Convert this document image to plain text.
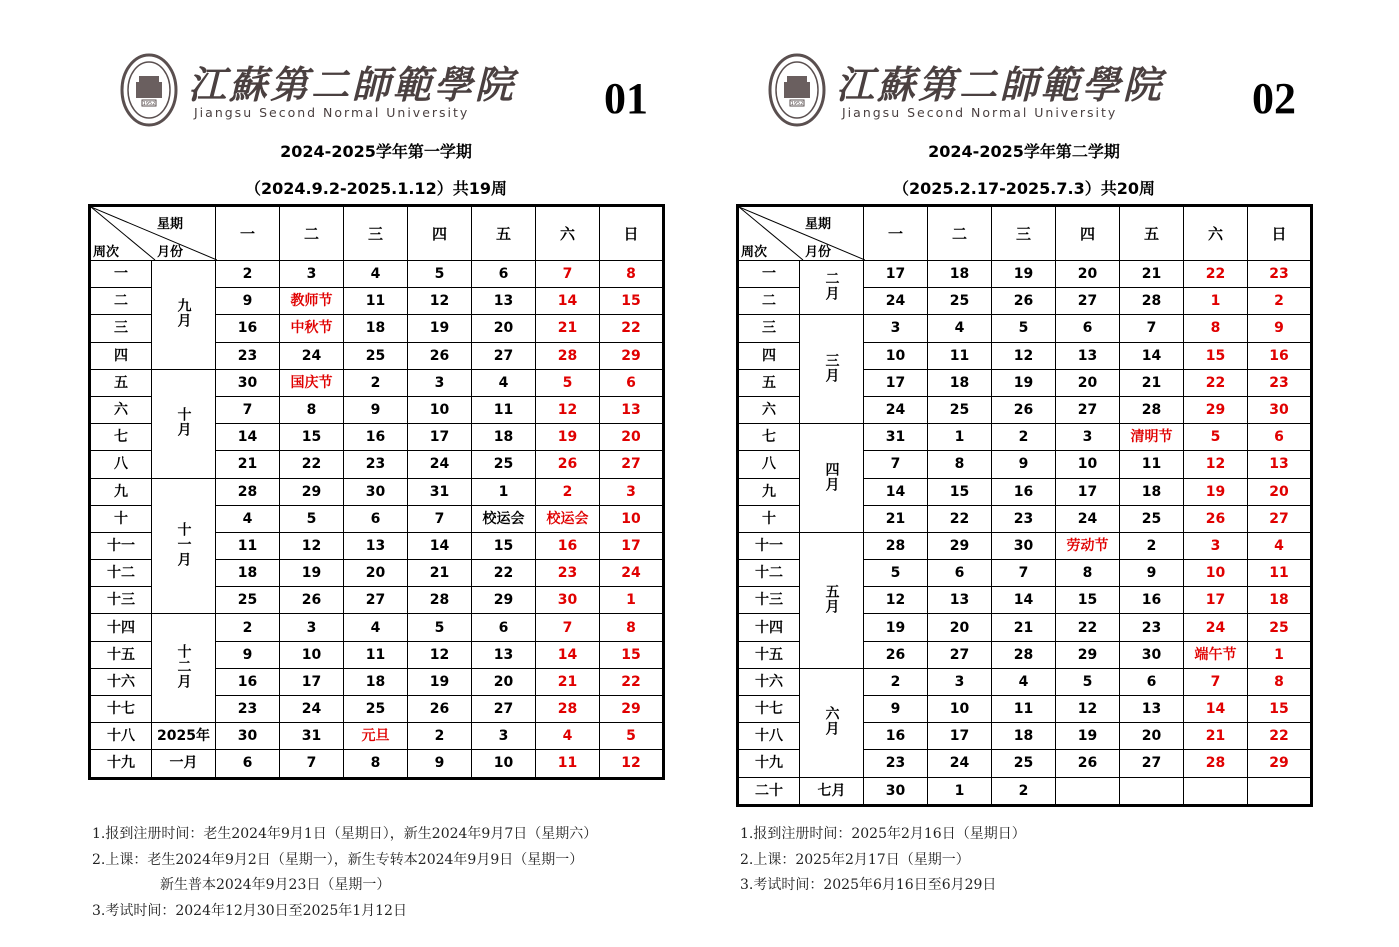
1952 江蘇第二師範學院
Jiangsu Second Normal University	01
2024-2025学年第一学期
（2024.9.2-2025.1.12）共19周
星期
周次 月份		一	二	三	四	五	六	日
一	九月	2	3	4	5	6	7	8
二		9	教师节	11	12	13	14	15
三		16	中秋节	18	19	20	21	22
四		23	24	25	26	27	28	29
五	十月	30	国庆节	2	3	4	5	6
六		7	8	9	10	11	12	13
七		14	15	16	17	18	19	20
八		21	22	23	24	25	26	27
九	十一月	28	29	30	31	1	2	3
十		4	5	6	7	校运会	校运会	10
十一		11	12	13	14	15	16	17
十二		18	19	20	21	22	23	24
十三		25	26	27	28	29	30	1
十四	十二月	2	3	4	5	6	7	8
十五		9	10	11	12	13	14	15
十六		16	17	18	19	20	21	22
十七		23	24	25	26	27	28	29
十八	2025年	30	31	元旦	2	3	4	5
十九	一月	6	7	8	9	10	11	12
1.报到注册时间：老生2024年9月1日（星期日），新生2024年9月7日（星期六）
2.上课：老生2024年9月2日（星期一），新生专转本2024年9月9日（星期一）
新生普本2024年9月23日（星期一）
3.考试时间：2024年12月30日至2025年1月12日
1952 江蘇第二師範學院
Jiangsu Second Normal University	02
2024-2025学年第二学期
（2025.2.17-2025.7.3）共20周
星期
周次 月份		一	二	三	四	五	六	日
一	二月	17	18	19	20	21	22	23
二		24	25	26	27	28	1	2
三	三月	3	4	5	6	7	8	9
四		10	11	12	13	14	15	16
五		17	18	19	20	21	22	23
六		24	25	26	27	28	29	30
七	四月	31	1	2	3	清明节	5	6
八		7	8	9	10	11	12	13
九		14	15	16	17	18	19	20
十		21	22	23	24	25	26	27
十一	五月	28	29	30	劳动节	2	3	4
十二		5	6	7	8	9	10	11
十三		12	13	14	15	16	17	18
十四		19	20	21	22	23	24	25
十五		26	27	28	29	30	端午节	1
十六	六月	2	3	4	5	6	7	8
十七		9	10	11	12	13	14	15
十八		16	17	18	19	20	21	22
十九		23	24	25	26	27	28	29
二十	七月	30	1	2				
1.报到注册时间：2025年2月16日（星期日）
2.上课：2025年2月17日（星期一）
3.考试时间：2025年6月16日至6月29日
